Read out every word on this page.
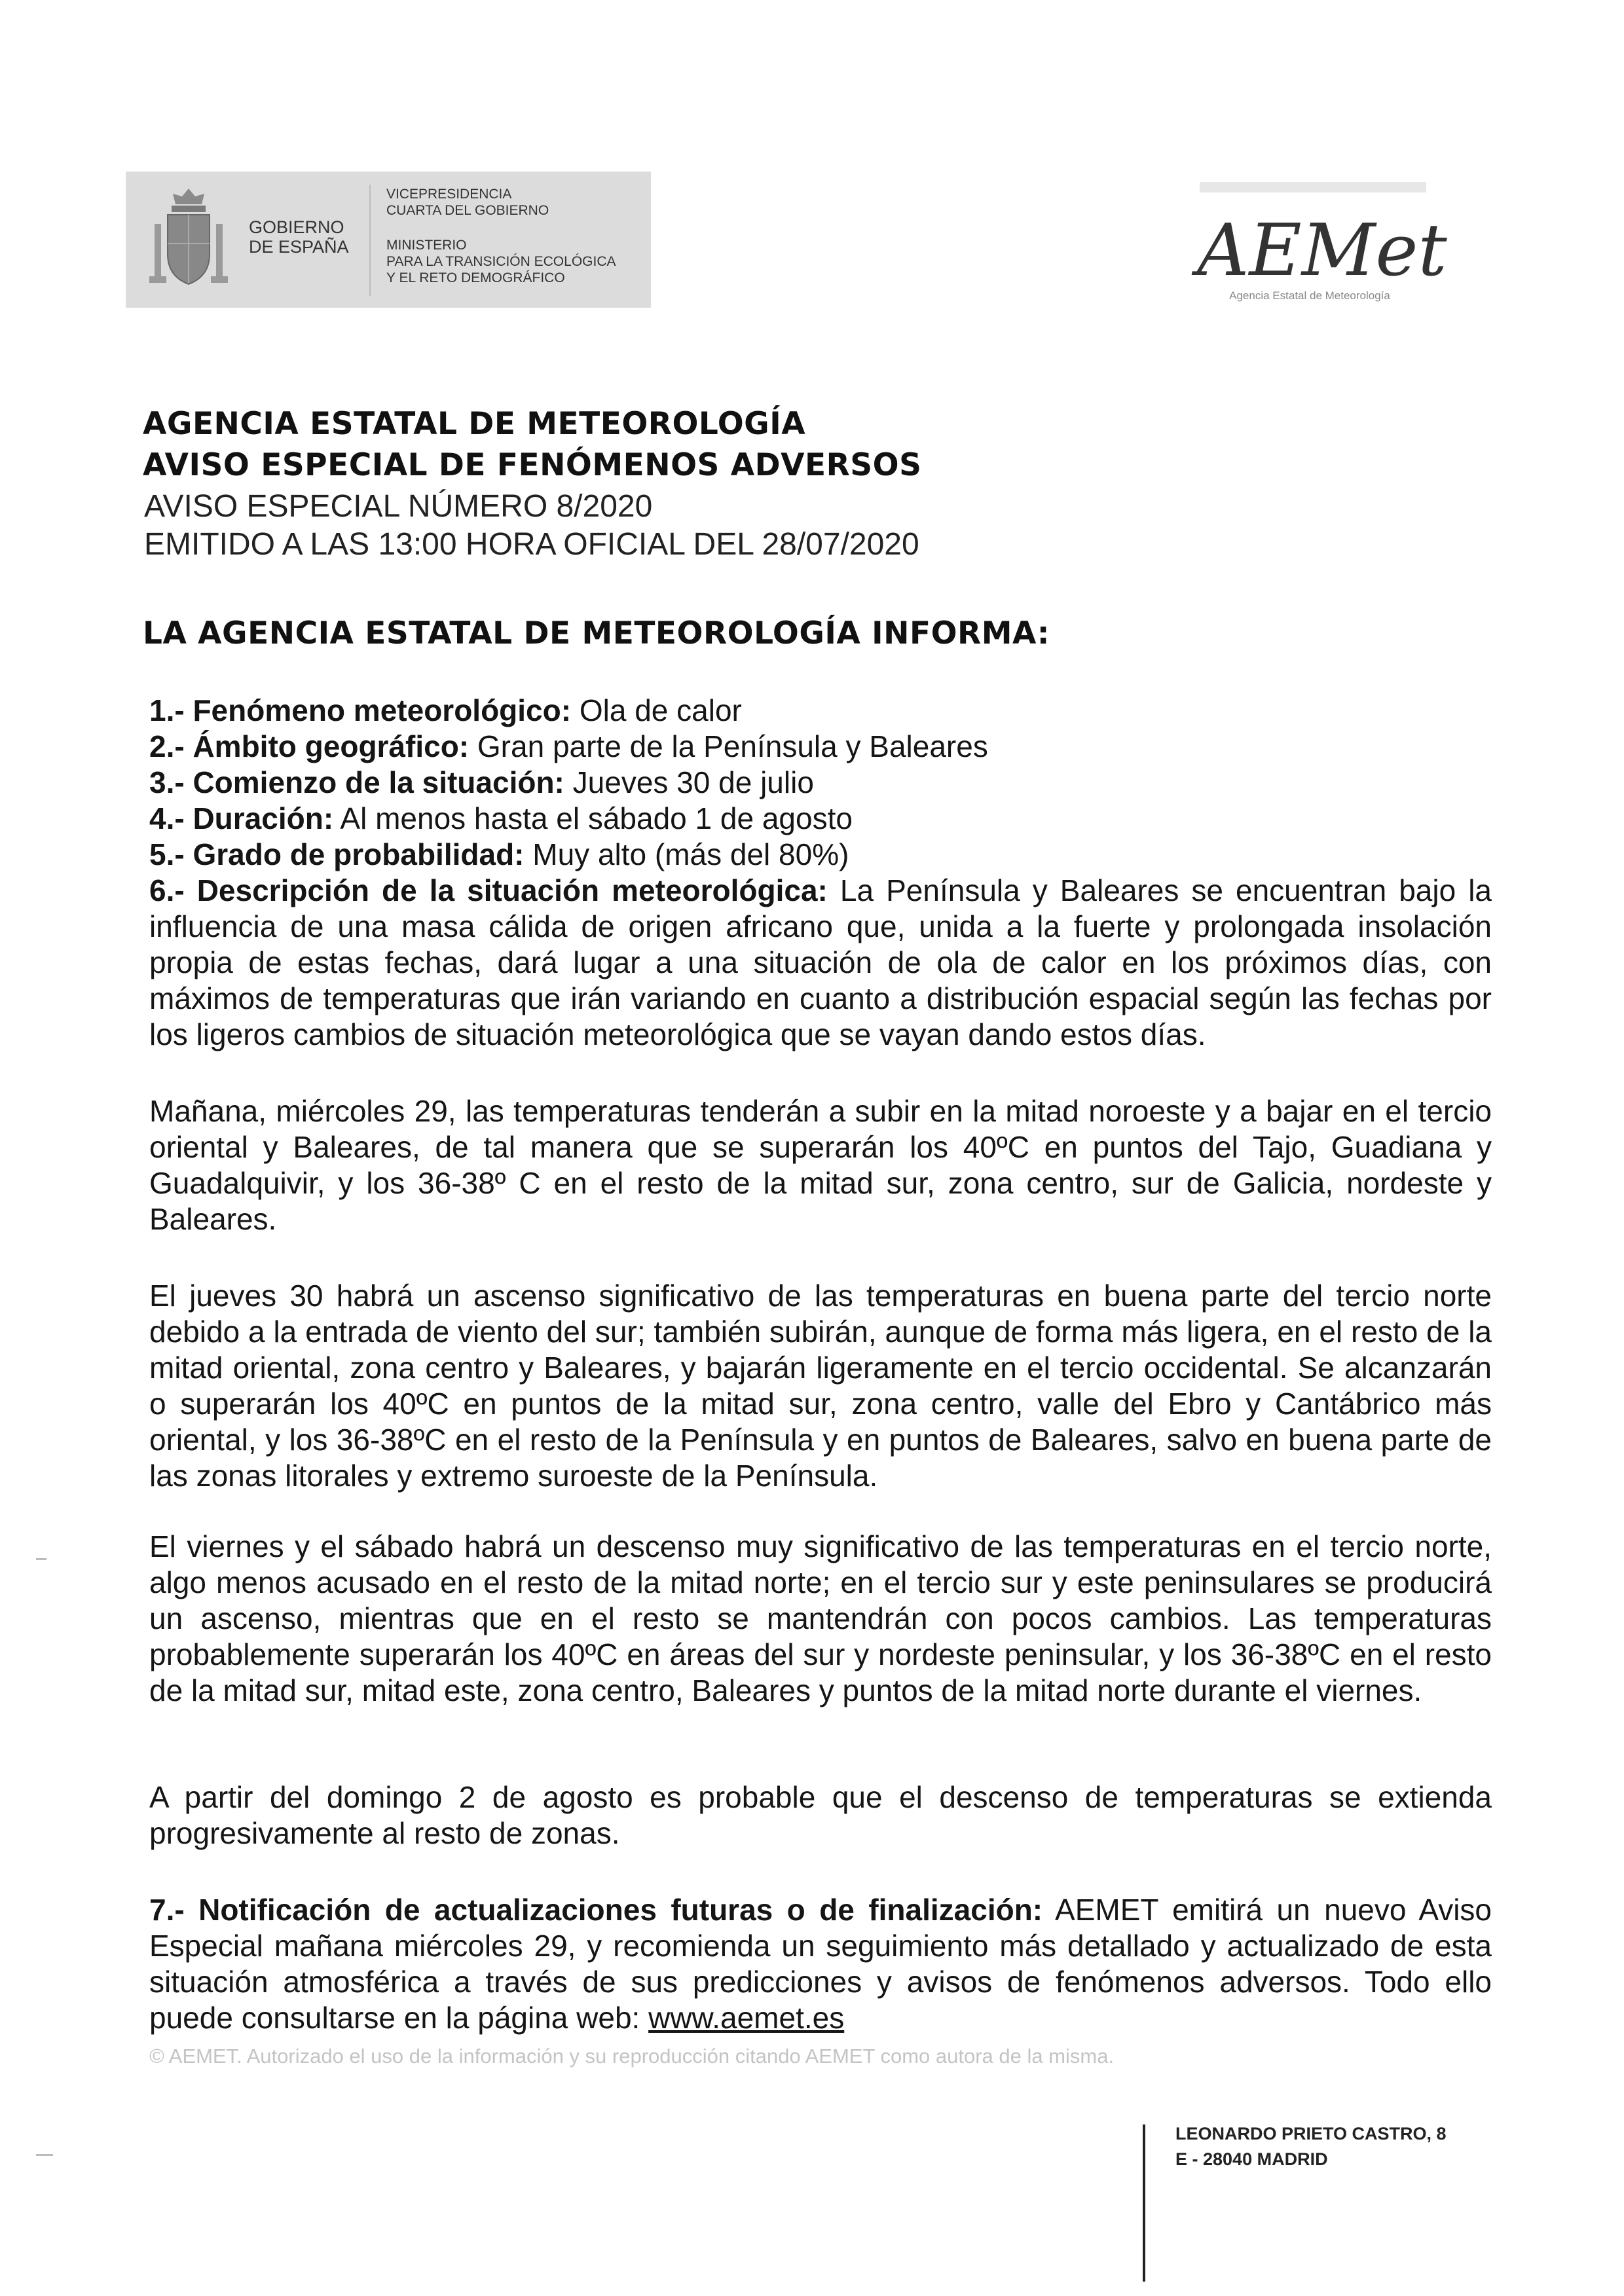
GOBIERNO
DE ESPAÑA
VICEPRESIDENCIA
CUARTA DEL GOBIERNO
MINISTERIO
PARA LA TRANSICIÓN ECOLÓGICA
Y EL RETO DEMOGRÁFICO	AEMet
Agencia Estatal de Meteorología
AGENCIA ESTATAL DE METEOROLOGÍA
AVISO ESPECIAL DE FENÓMENOS ADVERSOS
AVISO ESPECIAL NÚMERO 8/2020
EMITIDO A LAS 13:00 HORA OFICIAL DEL 28/07/2020
LA AGENCIA ESTATAL DE METEOROLOGÍA INFORMA:
1.- Fenómeno meteorológico: Ola de calor
2.- Ámbito geográfico: Gran parte de la Península y Baleares
3.- Comienzo de la situación: Jueves 30 de julio
4.- Duración: Al menos hasta el sábado 1 de agosto
5.- Grado de probabilidad: Muy alto (más del 80%)
6.- Descripción de la situación meteorológica: La Península y Baleares se encuentran bajo la influencia de una masa cálida de origen africano que, unida a la fuerte y prolongada insolación propia de estas fechas, dará lugar a una situación de ola de calor en los próximos días, con máximos de temperaturas que irán variando en cuanto a distribución espacial según las fechas por los ligeros cambios de situación meteorológica que se vayan dando estos días.
Mañana, miércoles 29, las temperaturas tenderán a subir en la mitad noroeste y a bajar en el tercio oriental y Baleares, de tal manera que se superarán los 40ºC en puntos del Tajo, Guadiana y Guadalquivir, y los 36-38º C en el resto de la mitad sur, zona centro, sur de Galicia, nordeste y Baleares.
El jueves 30 habrá un ascenso significativo de las temperaturas en buena parte del tercio norte debido a la entrada de viento del sur; también subirán, aunque de forma más ligera, en el resto de la mitad oriental, zona centro y Baleares, y bajarán ligeramente en el tercio occidental. Se alcanzarán o superarán los 40ºC en puntos de la mitad sur, zona centro, valle del Ebro y Cantábrico más oriental, y los 36-38ºC en el resto de la Península y en puntos de Baleares, salvo en buena parte de las zonas litorales y extremo suroeste de la Península.
El viernes y el sábado habrá un descenso muy significativo de las temperaturas en el tercio norte, algo menos acusado en el resto de la mitad norte; en el tercio sur y este peninsulares se producirá un ascenso, mientras que en el resto se mantendrán con pocos cambios. Las temperaturas probablemente superarán los 40ºC en áreas del sur y nordeste peninsular, y los 36-38ºC en el resto de la mitad sur, mitad este, zona centro, Baleares y puntos de la mitad norte durante el viernes.
A partir del domingo 2 de agosto es probable que el descenso de temperaturas se extienda progresivamente al resto de zonas.
7.- Notificación de actualizaciones futuras o de finalización: AEMET emitirá un nuevo Aviso Especial mañana miércoles 29, y recomienda un seguimiento más detallado y actualizado de esta situación atmosférica a través de sus predicciones y avisos de fenómenos adversos. Todo ello puede consultarse en la página web: www.aemet.es
© AEMET. Autorizado el uso de la información y su reproducción citando AEMET como autora de la misma.
LEONARDO PRIETO CASTRO, 8
E - 28040 MADRID
